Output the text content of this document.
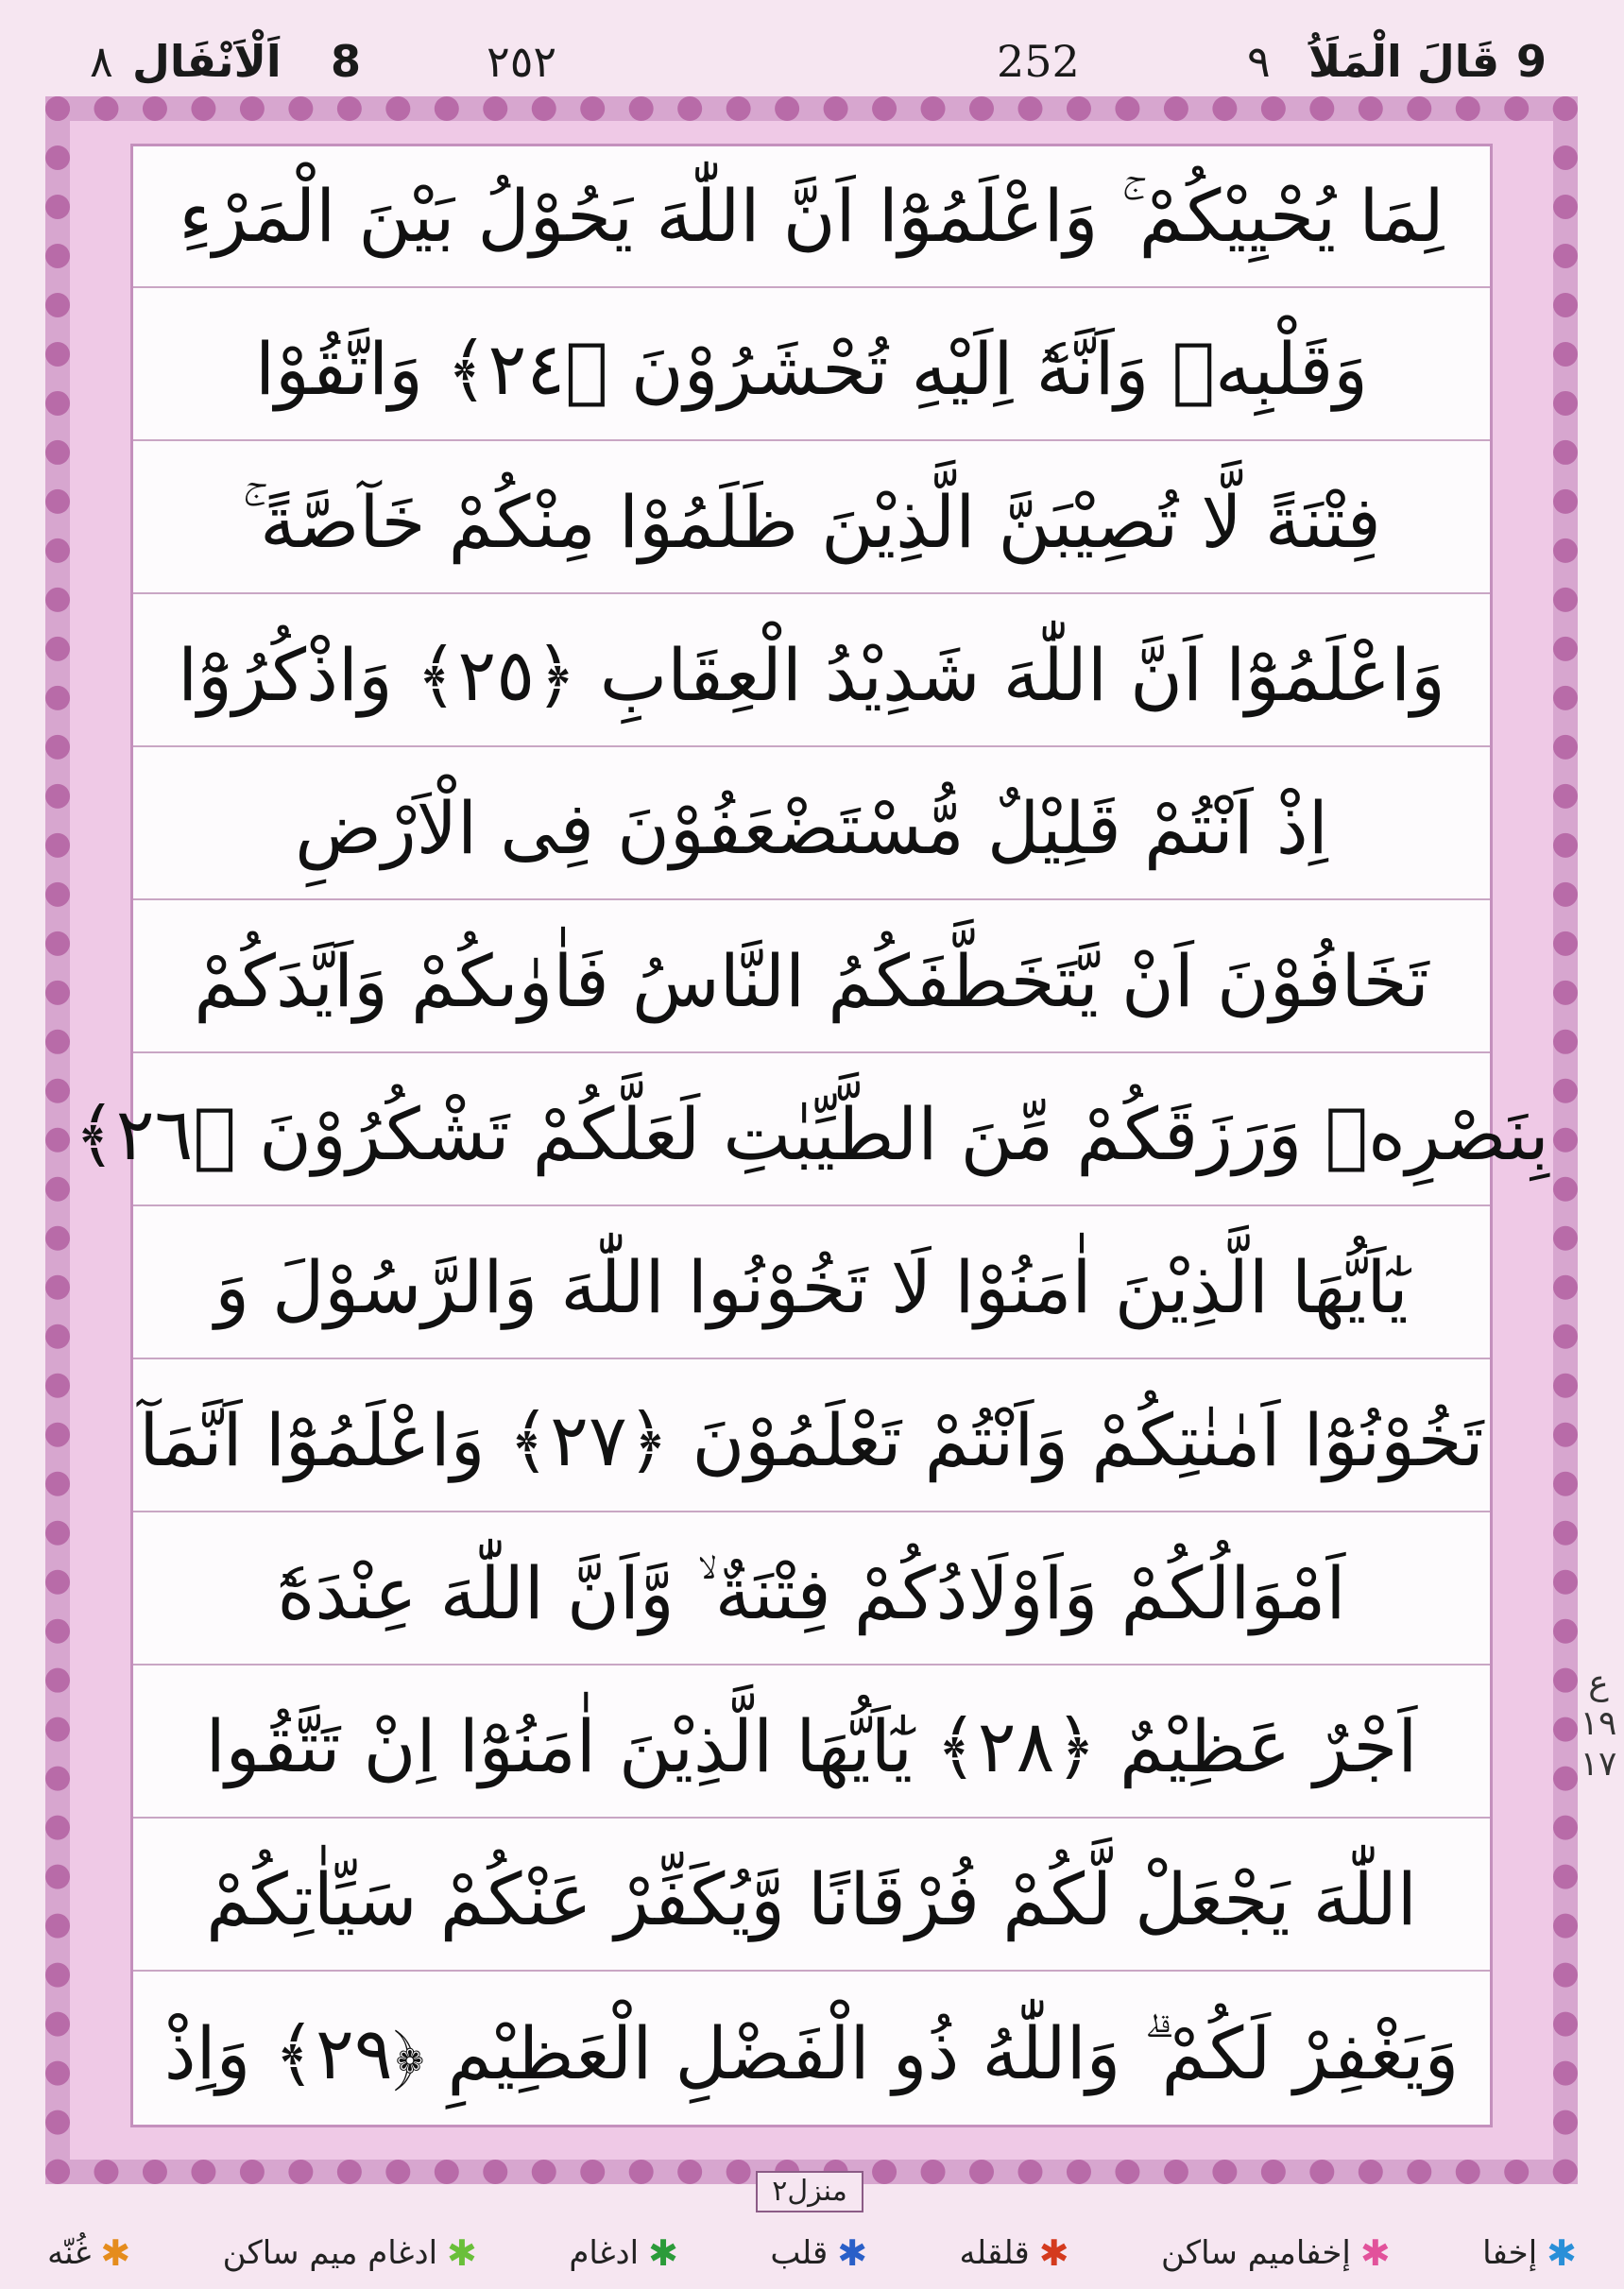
٨ اَلْاَنْفَال 8	٢٥٢	252	٩ قَالَ الْمَلَاُ 9
لِمَا يُحْيِيْكُمْ ۚ وَاعْلَمُوْٓا اَنَّ اللّٰهَ يَحُوْلُ بَيْنَ الْمَرْءِ
وَقَلْبِهٖ وَاَنَّهٗٓ اِلَيْهِ تُحْشَرُوْنَ ﴿٢٤﴾ وَاتَّقُوْا
فِتْنَةً لَّا تُصِيْبَنَّ الَّذِيْنَ ظَلَمُوْا مِنْكُمْ خَآصَّةً ۚ
وَاعْلَمُوْٓا اَنَّ اللّٰهَ شَدِيْدُ الْعِقَابِ ﴿٢٥﴾ وَاذْكُرُوْٓا
اِذْ اَنْتُمْ قَلِيْلٌ مُّسْتَضْعَفُوْنَ فِى الْاَرْضِ
تَخَافُوْنَ اَنْ يَّتَخَطَّفَكُمُ النَّاسُ فَاٰوٰىكُمْ وَاَيَّدَكُمْ
بِنَصْرِهٖ وَرَزَقَكُمْ مِّنَ الطَّيِّبٰتِ لَعَلَّكُمْ تَشْكُرُوْنَ ﴿٢٦﴾
يٰٓاَيُّهَا الَّذِيْنَ اٰمَنُوْا لَا تَخُوْنُوا اللّٰهَ وَالرَّسُوْلَ وَ
تَخُوْنُوْٓا اَمٰنٰتِكُمْ وَاَنْتُمْ تَعْلَمُوْنَ ﴿٢٧﴾ وَاعْلَمُوْٓا اَنَّمَآ
اَمْوَالُكُمْ وَاَوْلَادُكُمْ فِتْنَةٌ ۙ وَّاَنَّ اللّٰهَ عِنْدَهٗٓ
اَجْرٌ عَظِيْمٌ ﴿٢٨﴾ يٰٓاَيُّهَا الَّذِيْنَ اٰمَنُوْٓا اِنْ تَتَّقُوا
اللّٰهَ يَجْعَلْ لَّكُمْ فُرْقَانًا وَّيُكَفِّرْ عَنْكُمْ سَيِّاٰتِكُمْ
وَيَغْفِرْ لَكُمْ ۗ وَاللّٰهُ ذُو الْفَضْلِ الْعَظِيْمِ ﴿٢٩﴾ وَاِذْ
ع
١٩
١٧
منزل٢
✱
إخفا
✱
إخفاميم ساكن
✱
قلقله
✱
قلب
✱
ادغام
✱
ادغام ميم ساكن
✱
غُنّه
